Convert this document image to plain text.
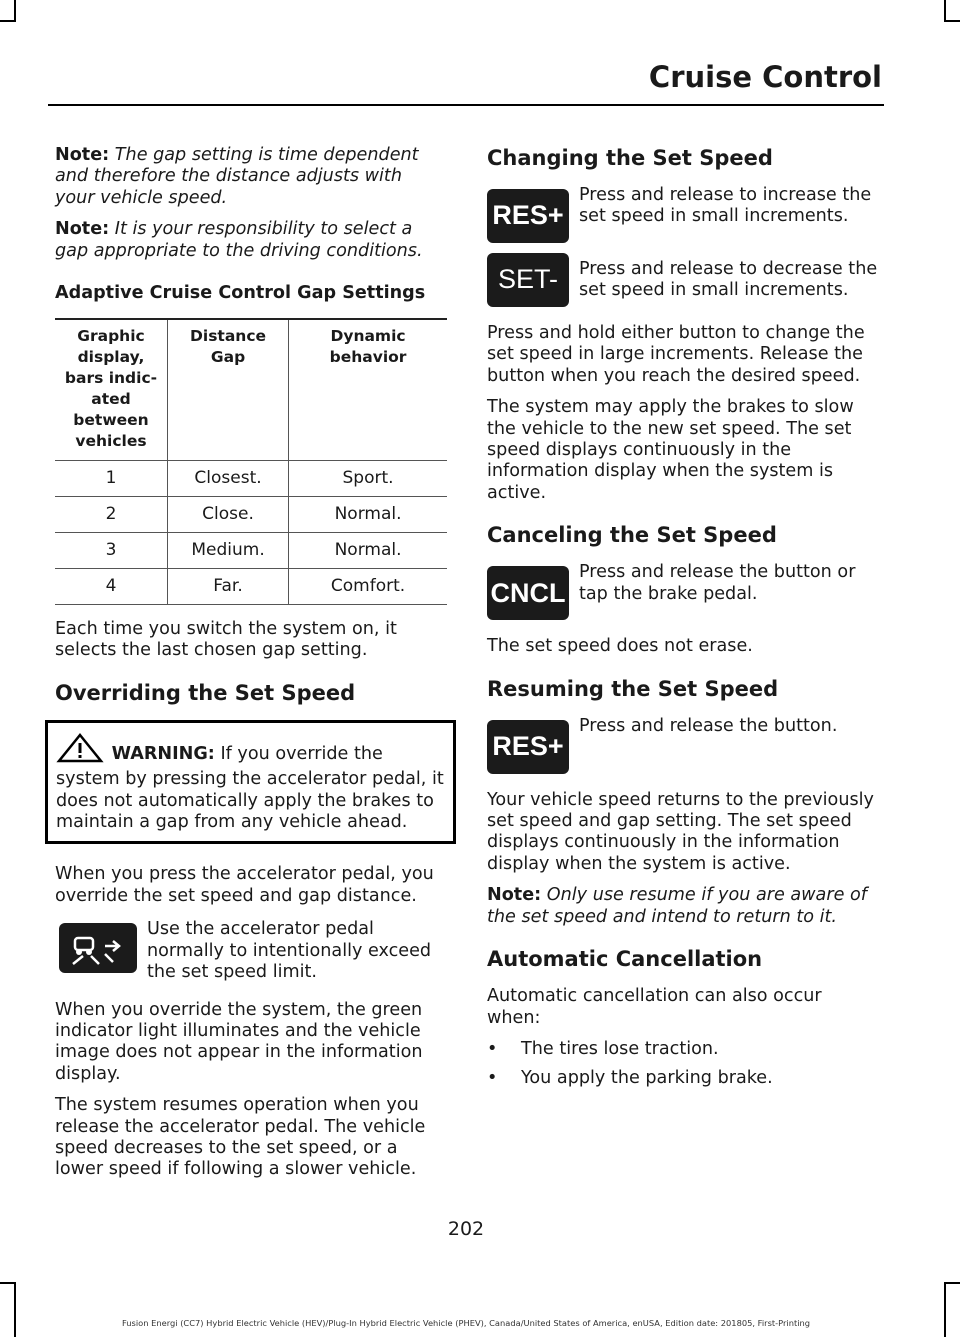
Cruise Control

Note: The gap setting is time dependent and therefore the distance adjusts with your vehicle speed.

Note: It is your responsibility to select a gap appropriate to the driving conditions.

Adaptive Cruise Control Gap Settings
Graphic display, bars indic-ated between vehicles	Distance Gap	Dynamic behavior
1	Closest.	Sport.
2	Close.	Normal.
3	Medium.	Normal.
4	Far.	Comfort.

Each time you switch the system on, it selects the last chosen gap setting.

Overriding the Set Speed
WARNING: If you override the system by pressing the accelerator pedal, it does not automatically apply the brakes to maintain a gap from any vehicle ahead.

When you press the accelerator pedal, you override the set speed and gap distance.

Use the accelerator pedal normally to intentionally exceed the set speed limit.

When you override the system, the green indicator light illuminates and the vehicle image does not appear in the information display.

The system resumes operation when you release the accelerator pedal. The vehicle speed decreases to the set speed, or a lower speed if following a slower vehicle.

Changing the Set Speed
RES+
Press and release to increase the set speed in small increments.
SET-	Press and release to decrease the set speed in small increments.

Press and hold either button to change the set speed in large increments. Release the button when you reach the desired speed.

The system may apply the brakes to slow the vehicle to the new set speed. The set speed displays continuously in the information display when the system is active.

Canceling the Set Speed
CNCL
Press and release the button or tap the brake pedal.

The set speed does not erase.

Resuming the Set Speed
RES+
Press and release the button.

Your vehicle speed returns to the previously set speed and gap setting. The set speed displays continuously in the information display when the system is active.

Note: Only use resume if you are aware of the set speed and intend to return to it.

Automatic Cancellation

Automatic cancellation can also occur when:

• The tires lose traction.
• You apply the parking brake.
202
Fusion Energi (CC7) Hybrid Electric Vehicle (HEV)/Plug-In Hybrid Electric Vehicle (PHEV), Canada/United States of America, enUSA, Edition date: 201805, First-Printing
